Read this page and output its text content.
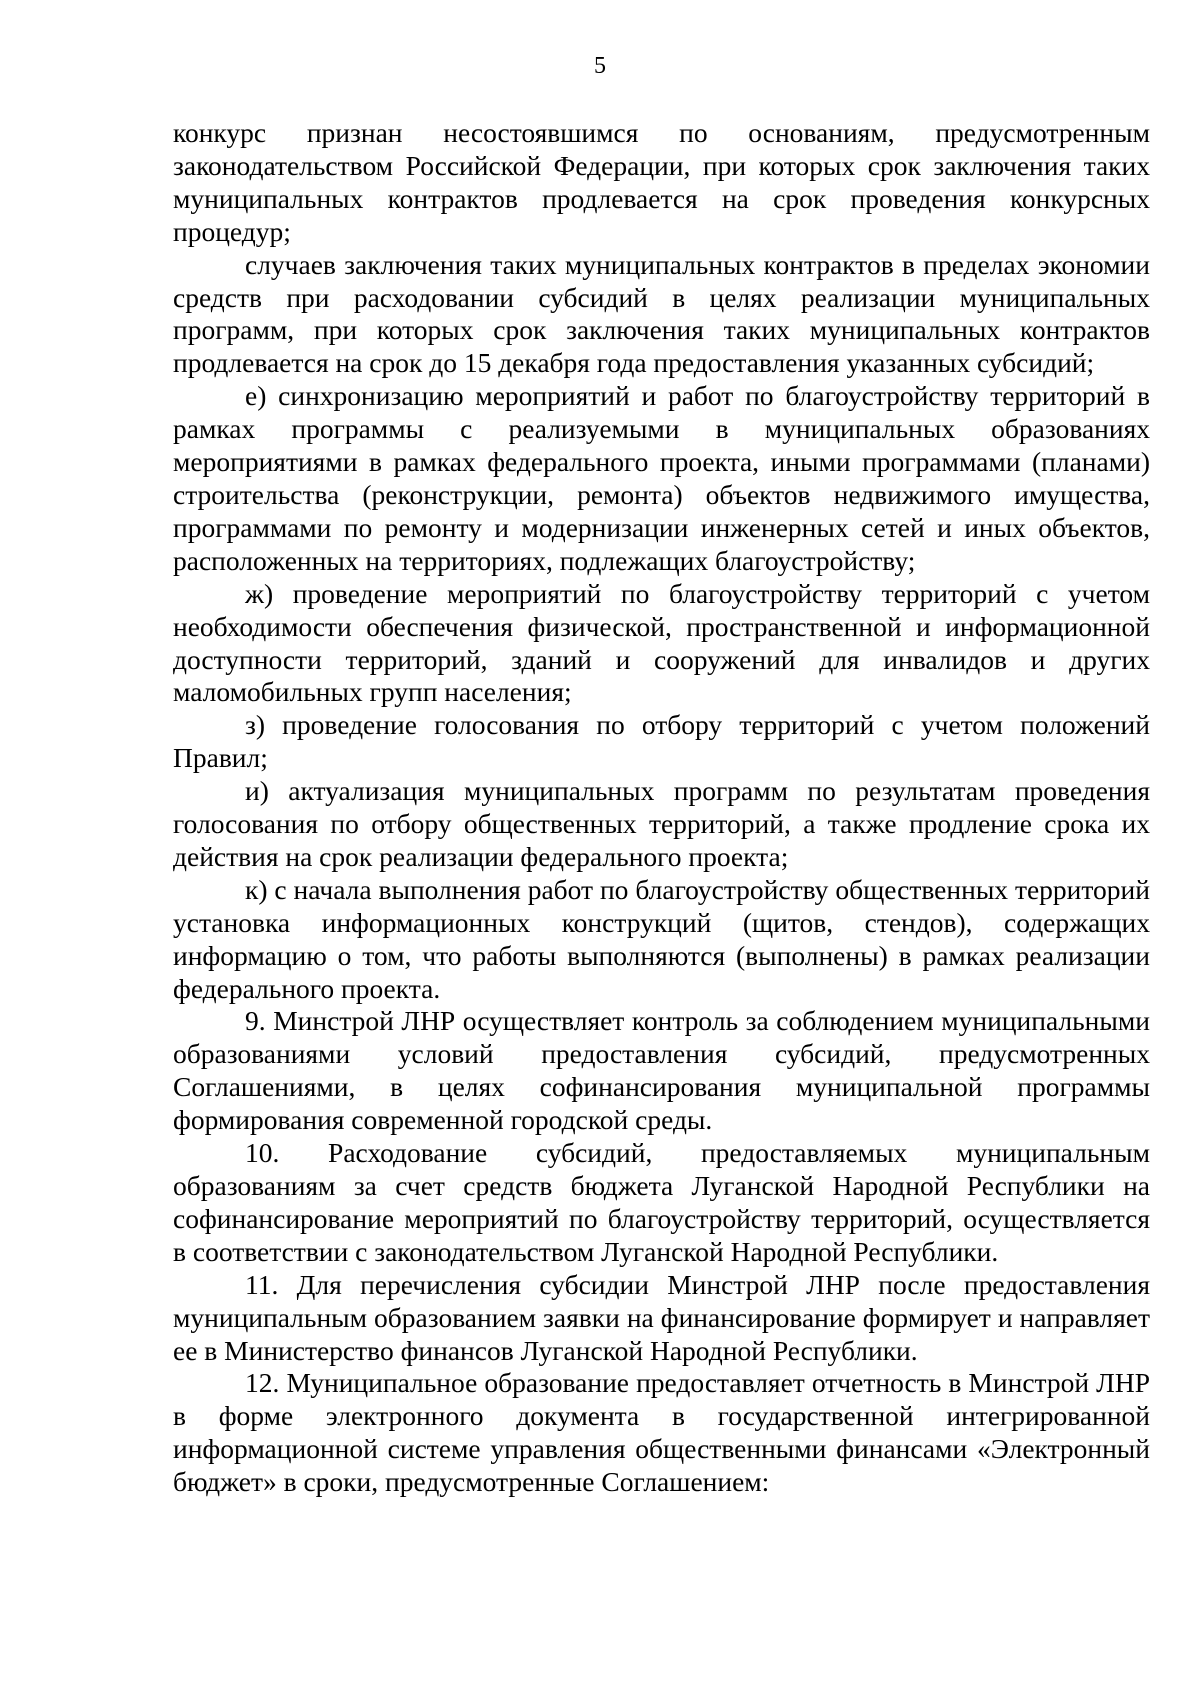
5

конкурс признан несостоявшимся по основаниям, предусмотренным законодательством Российской Федерации, при которых срок заключения таких муниципальных контрактов продлевается на срок проведения конкурсных процедур;

случаев заключения таких муниципальных контрактов в пределах экономии средств при расходовании субсидий в целях реализации муниципальных программ, при которых срок заключения таких муниципальных контрактов продлевается на срок до 15 декабря года предоставления указанных субсидий;

е) синхронизацию мероприятий и работ по благоустройству территорий в рамках программы с реализуемыми в муниципальных образованиях мероприятиями в рамках федерального проекта, иными программами (планами) строительства (реконструкции, ремонта) объектов недвижимого имущества, программами по ремонту и модернизации инженерных сетей и иных объектов, расположенных на территориях, подлежащих благоустройству;

ж) проведение мероприятий по благоустройству территорий с учетом необходимости обеспечения физической, пространственной и информационной доступности территорий, зданий и сооружений для инвалидов и других маломобильных групп населения;

з) проведение голосования по отбору территорий с учетом положений Правил;

и) актуализация муниципальных программ по результатам проведения голосования по отбору общественных территорий, а также продление срока их действия на срок реализации федерального проекта;

к) с начала выполнения работ по благоустройству общественных территорий установка информационных конструкций (щитов, стендов), содержащих информацию о том, что работы выполняются (выполнены) в рамках реализации федерального проекта.

9. Минстрой ЛНР осуществляет контроль за соблюдением муниципальными образованиями условий предоставления субсидий, предусмотренных Соглашениями, в целях софинансирования муниципальной программы формирования современной городской среды.

10. Расходование субсидий, предоставляемых муниципальным образованиям за счет средств бюджета Луганской Народной Республики на софинансирование мероприятий по благоустройству территорий, осуществляется в соответствии с законодательством Луганской Народной Республики.

11. Для перечисления субсидии Минстрой ЛНР после предоставления муниципальным образованием заявки на финансирование формирует и направляет ее в Министерство финансов Луганской Народной Республики.

12. Муниципальное образование предоставляет отчетность в Минстрой ЛНР в форме электронного документа в государственной интегрированной информационной системе управления общественными финансами «Электронный бюджет» в сроки, предусмотренные Соглашением:
